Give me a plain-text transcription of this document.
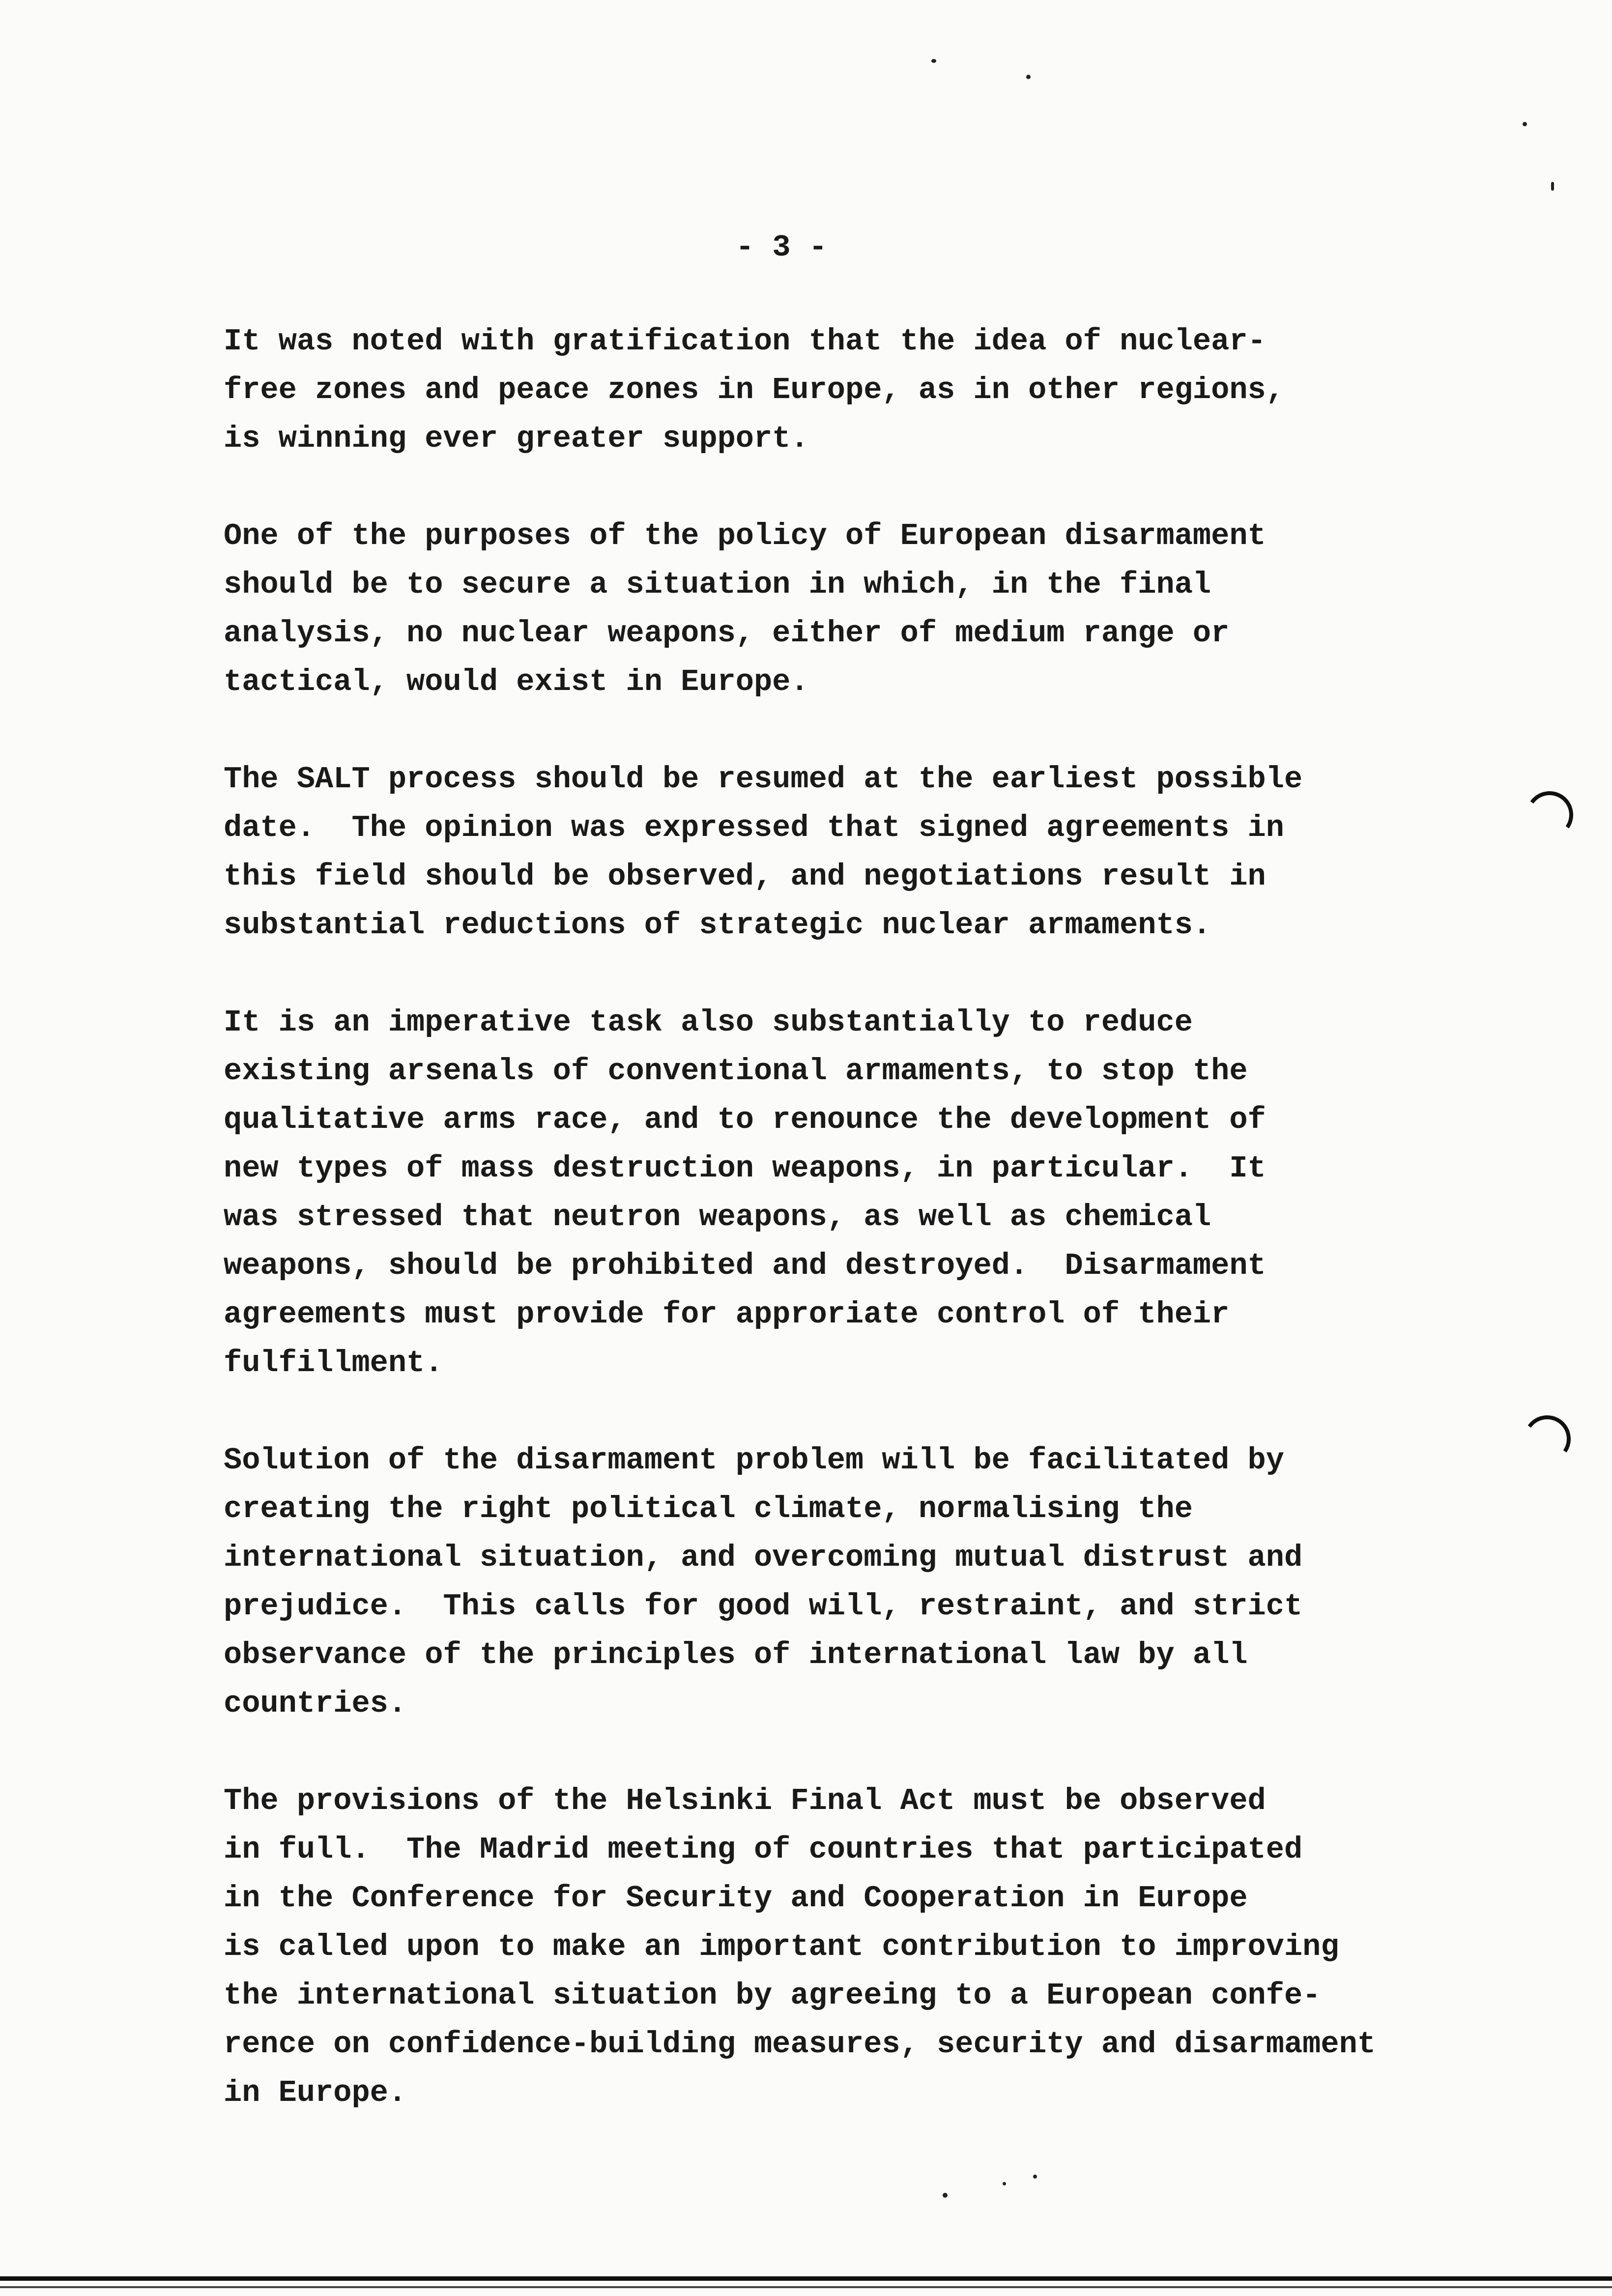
- 3 -

It was noted with gratification that the idea of nuclear-
free zones and peace zones in Europe, as in other regions,
is winning ever greater support.

One of the purposes of the policy of European disarmament
should be to secure a situation in which, in the final
analysis, no nuclear weapons, either of medium range or
tactical, would exist in Europe.

The SALT process should be resumed at the earliest possible
date.  The opinion was expressed that signed agreements in
this field should be observed, and negotiations result in
substantial reductions of strategic nuclear armaments.

It is an imperative task also substantially to reduce
existing arsenals of conventional armaments, to stop the
qualitative arms race, and to renounce the development of
new types of mass destruction weapons, in particular.  It
was stressed that neutron weapons, as well as chemical
weapons, should be prohibited and destroyed.  Disarmament
agreements must provide for approriate control of their
fulfillment.

Solution of the disarmament problem will be facilitated by
creating the right political climate, normalising the
international situation, and overcoming mutual distrust and
prejudice.  This calls for good will, restraint, and strict
observance of the principles of international law by all
countries.

The provisions of the Helsinki Final Act must be observed
in full.  The Madrid meeting of countries that participated
in the Conference for Security and Cooperation in Europe
is called upon to make an important contribution to improving
the international situation by agreeing to a European confe-
rence on confidence-building measures, security and disarmament
in Europe.
